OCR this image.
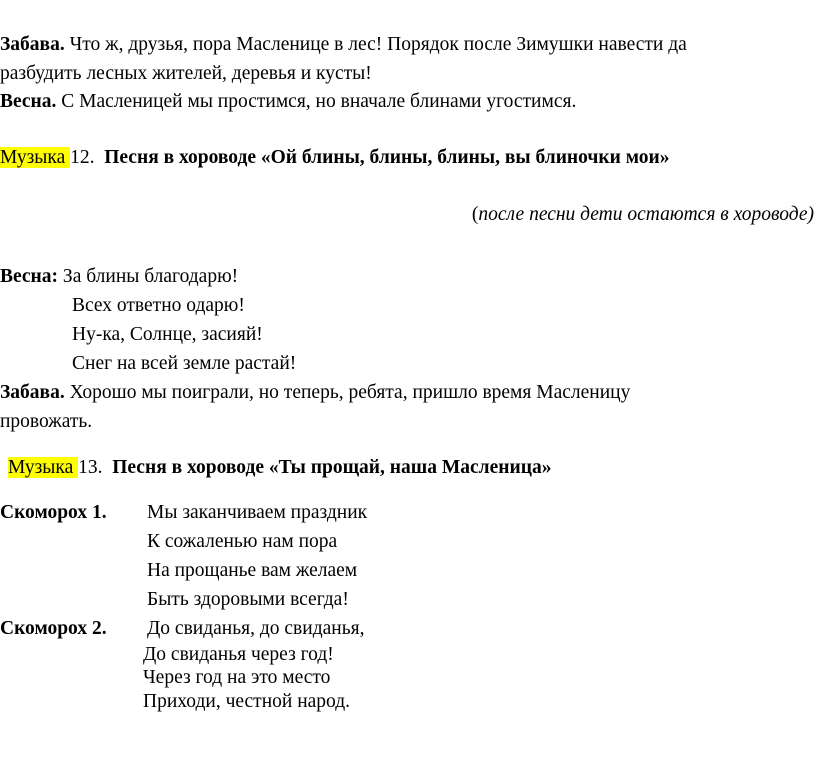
Забава. Что ж, друзья, пора Масленице в лес! Порядок после Зимушки навести да
разбудить лесных жителей, деревья и кусты!
Весна. С Масленицей мы простимся, но вначале блинами угостимся.
Музыка 12. Песня в хороводе «Ой блины, блины, блины, вы блиночки мои»
(после песни дети остаются в хороводе)
Весна: За блины благодарю!
Всех ответно одарю!
Ну-ка, Солнце, засияй!
Снег на всей земле растай!
Забава. Хорошо мы поиграли, но теперь, ребята, пришло время Масленицу
провожать.
Музыка 13. Песня в хороводе «Ты прощай, наша Масленица»
Скоморох 1. Мы заканчиваем праздник
К сожаленью нам пора
На прощанье вам желаем
Быть здоровыми всегда!
Скоморох 2. До свиданья, до свиданья,
До свиданья через год!
Через год на это место
Приходи, честной народ.
